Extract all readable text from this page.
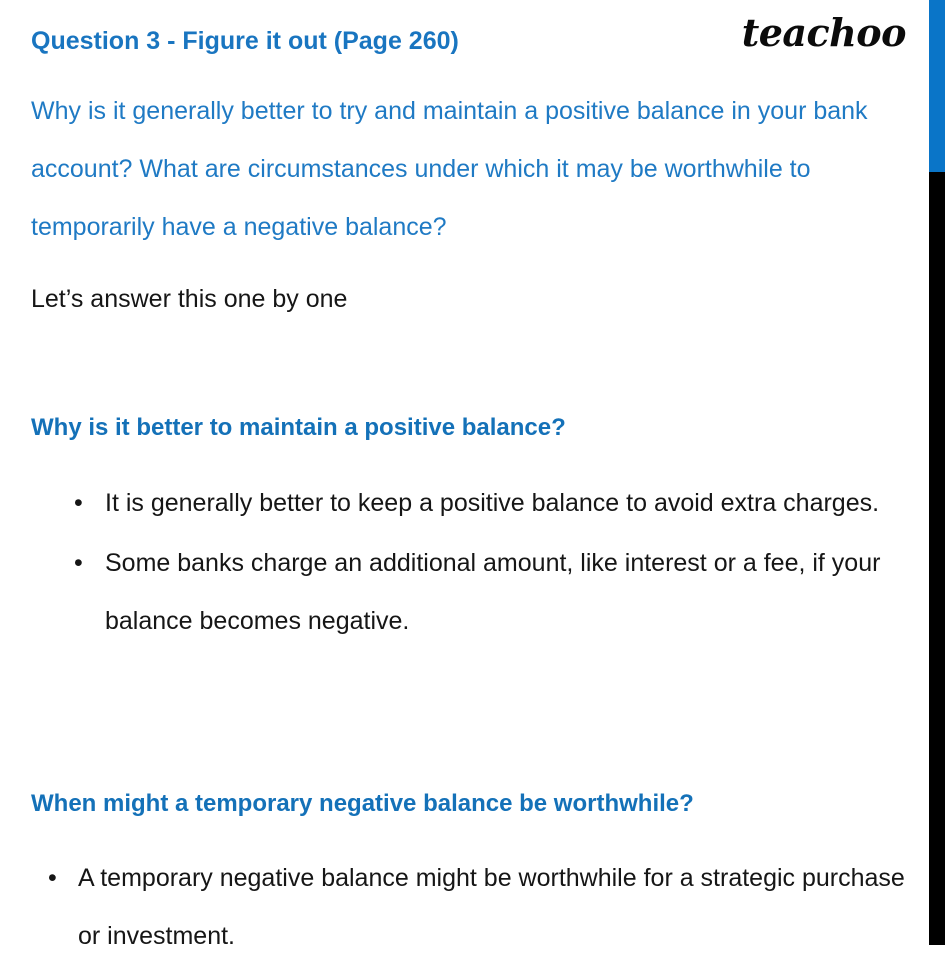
teachoo
Question 3 - Figure it out (Page 260)
Why is it generally better to try and maintain a positive balance in your bank account? What are circumstances under which it may be worthwhile to temporarily have a negative balance?
Let’s answer this one by one
Why is it better to maintain a positive balance?
• It is generally better to keep a positive balance to avoid extra charges.
• Some banks charge an additional amount, like interest or a fee, if your balance becomes negative.
When might a temporary negative balance be worthwhile?
• A temporary negative balance might be worthwhile for a strategic purchase or investment.
